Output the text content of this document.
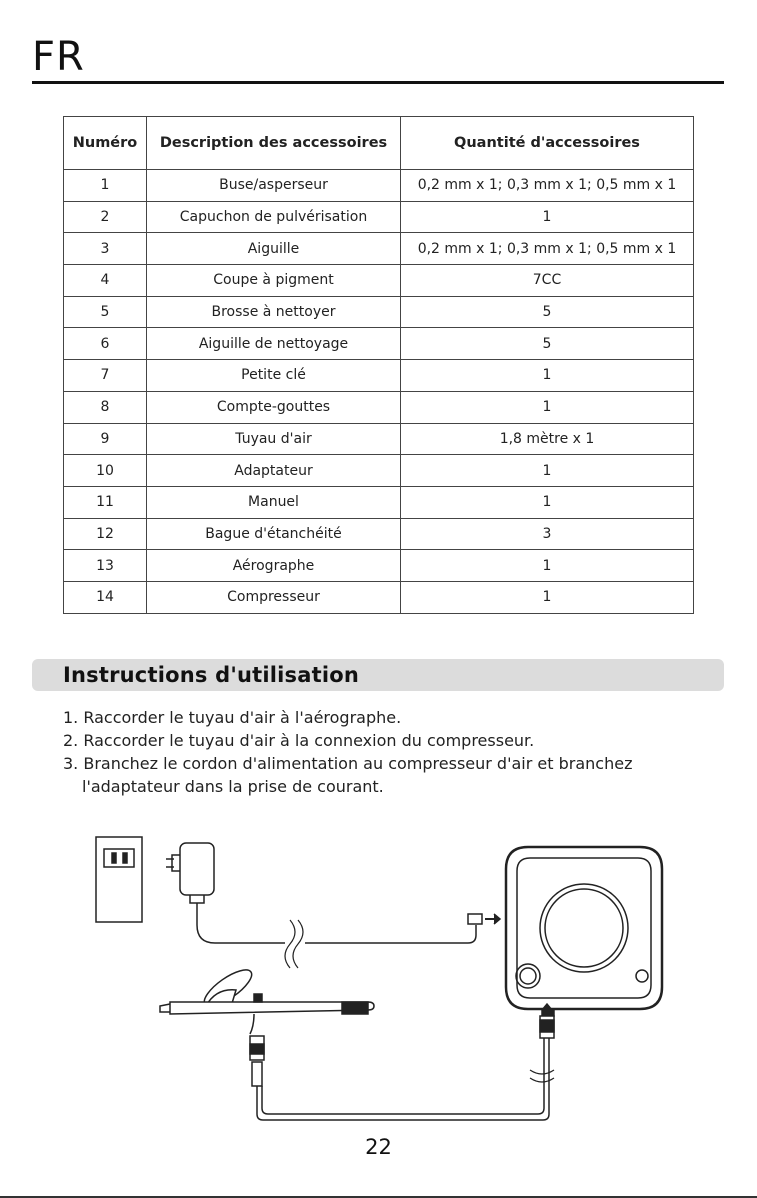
FR
Numéro	Description des accessoires	Quantité d'accessoires
1	Buse/asperseur	0,2 mm x 1; 0,3 mm x 1; 0,5 mm x 1
2	Capuchon de pulvérisation	1
3	Aiguille	0,2 mm x 1; 0,3 mm x 1; 0,5 mm x 1
4	Coupe à pigment	7CC
5	Brosse à nettoyer	5
6	Aiguille de nettoyage	5
7	Petite clé	1
8	Compte-gouttes	1
9	Tuyau d'air	1,8 mètre x 1
10	Adaptateur	1
11	Manuel	1
12	Bague d'étanchéité	3
13	Aérographe	1
14	Compresseur	1
Instructions d'utilisation
1. Raccorder le tuyau d'air à l'aérographe.
2. Raccorder le tuyau d'air à la connexion du compresseur.
3. Branchez le cordon d'alimentation au compresseur d'air et branchez l'adaptateur dans la prise de courant.
22
